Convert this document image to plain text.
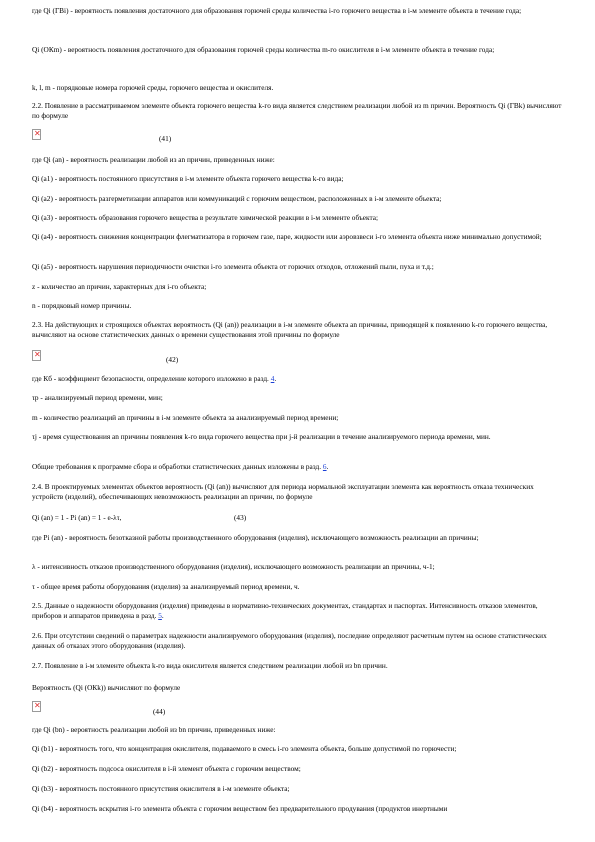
где Qi (ГВi) - вероятность появления достаточного для образования горючей среды количества i-го горючего вещества в i-м элементе объекта в течение года;

Qi (ОКm) - вероятность появления достаточного для образования горючей среды количества m-го окислителя в i-м элементе объекта в течение года;

k, l, m - порядковые номера горючей среды, горючего вещества и окислителя.

2.2. Появление в рассматриваемом элементе объекта горючего вещества k-го вида является следствием реализации любой из m причин. Вероятность Qi (ГВk) вычисляют по формуле

✕
(41)

где Qi (an) - вероятность реализации любой из an причин, приведенных ниже:

Qi (a1) - вероятность постоянного присутствия в i-м элементе объекта горючего вещества k-го вида;

Qi (a2) - вероятность разгерметизации аппаратов или коммуникаций с горючим веществом, расположенных в i-м элементе объекта;

Qi (a3) - вероятность образования горючего вещества в результате химической реакции в i-м элементе объекта;

Qi (a4) - вероятность снижения концентрации флегматизатора в горючем газе, паре, жидкости или аэровзвеси i-го элемента объекта ниже минимально допустимой;

Qi (a5) - вероятность нарушения периодичности очистки i-го элемента объекта от горючих отходов, отложений пыли, пуха и т.д.;

z - количество an причин, характерных для i-го объекта;

n - порядковый номер причины.

2.3. На действующих и строящихся объектах вероятность (Qi (an)) реализации в i-м элементе объекта an причины, приводящей к появлению k-го горючего вещества, вычисляют на основе статистических данных о времени существования этой причины по формуле

✕
(42)

где Кб - коэффициент безопасности, определение которого изложено в разд. 4.

τр - анализируемый период времени, мин;

m - количество реализаций an причины в i-м элементе объекта за анализируемый период времени;

τj - время существования an причины появления k-го вида горючего вещества при j-й реализации в течение анализируемого периода времени, мин.

Общие требования к программе сбора и обработки статистических данных изложены в разд. 6.

2.4. В проектируемых элементах объектов вероятность (Qi (an)) вычисляют для периода нормальной эксплуатации элемента как вероятность отказа технических устройств (изделий), обеспечивающих невозможность реализации an причин, по формуле

Qi (an) = 1 - Pi (an) = 1 - e-λτ,	(43)

где Pi (an) - вероятность безотказной работы производственного оборудования (изделия), исключающего возможность реализации an причины;

λ - интенсивность отказов производственного оборудования (изделия), исключающего возможность реализации an причины, ч-1;

τ - общее время работы оборудования (изделия) за анализируемый период времени, ч.

2.5. Данные о надежности оборудования (изделия) приведены в нормативно-технических документах, стандартах и паспортах. Интенсивность отказов элементов, приборов и аппаратов приведена в разд. 5.

2.6. При отсутствии сведений о параметрах надежности анализируемого оборудования (изделия), последние определяют расчетным путем на основе статистических данных об отказах этого оборудования (изделия).

2.7. Появление в i-м элементе объекта k-го вида окислителя является следствием реализации любой из bn причин.

Вероятность (Qi (ОКk)) вычисляют по формуле

✕
(44)

где Qi (bn) - вероятность реализации любой из bn причин, приведенных ниже:

Qi (b1) - вероятность того, что концентрация окислителя, подаваемого в смесь i-го элемента объекта, больше допустимой по горючести;

Qi (b2) - вероятность подсоса окислителя в i-й элемент объекта с горючим веществом;

Qi (b3) - вероятность постоянного присутствия окислителя в i-м элементе объекта;

Qi (b4) - вероятность вскрытия i-го элемента объекта с горючим веществом без предварительного продувания (продуктов инертными
